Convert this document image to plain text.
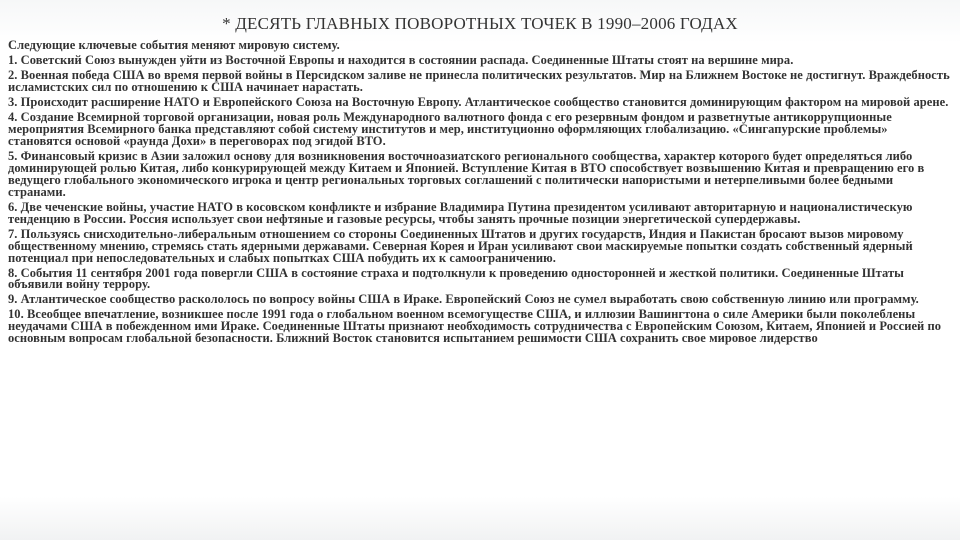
* ДЕСЯТЬ ГЛАВНЫХ ПОВОРОТНЫХ ТОЧЕК В 1990–2006 ГОДАХ

Следующие ключевые события меняют мировую систему.

1. Советский Союз вынужден уйти из Восточной Европы и находится в состоянии распада. Соединенные Штаты стоят на вершине мира.

2. Военная победа США во время первой войны в Персидском заливе не принесла политических результатов. Мир на Ближнем Востоке не достигнут. Враждебность исламистских сил по отношению к США начинает нарастать.

3. Происходит расширение НАТО и Европейского Союза на Восточную Европу. Атлантическое сообщество становится доминирующим фактором на мировой арене.

4. Создание Всемирной торговой организации, новая роль Международного валютного фонда с его резервным фондом и разветнутые антикоррупционные мероприятия Всемирного банка представляют собой систему институтов и мер, институционно оформляющих глобализацию. «Сингапурские проблемы» становятся основой «раунда Дохи» в переговорах под эгидой ВТО.

5. Финансовый кризис в Азии заложил основу для возникновения восточноазиатского регионального сообщества, характер которого будет определяться либо доминирующей ролью Китая, либо конкурирующей между Китаем и Японией. Вступление Китая в ВТО способствует возвышению Китая и превращению его в ведущего глобального экономического игрока и центр региональных торговых соглашений с политически напористыми и нетерпеливыми более бедными странами.

6. Две чеченские войны, участие НАТО в косовском конфликте и избрание Владимира Путина президентом усиливают авторитарную и националистическую тенденцию в России. Россия использует свои нефтяные и газовые ресурсы, чтобы занять прочные позиции энергетической супердержавы.

7. Пользуясь снисходительно-либеральным отношением со стороны Соединенных Штатов и других государств, Индия и Пакистан бросают вызов мировому общественному мнению, стремясь стать ядерными державами. Северная Корея и Иран усиливают свои маскируемые попытки создать собственный ядерный потенциал при непоследовательных и слабых попытках США побудить их к самоограничению.

8. События 11 сентября 2001 года повергли США в состояние страха и подтолкнули к проведению односторонней и жесткой политики. Соединенные Штаты объявили войну террору.

9. Атлантическое сообщество раскололось по вопросу войны США в Ираке. Европейский Союз не сумел выработать свою собственную линию или программу.

10. Всеобщее впечатление, возникшее после 1991 года о глобальном военном всемогуществе США, и иллюзии Вашингтона о силе Америки были поколеблены неудачами США в побежденном ими Ираке. Соединенные Штаты признают необходимость сотрудничества с Европейским Союзом, Китаем, Японией и Россией по основным вопросам глобальной безопасности. Ближний Восток становится испытанием решимости США сохранить свое мировое лидерство
